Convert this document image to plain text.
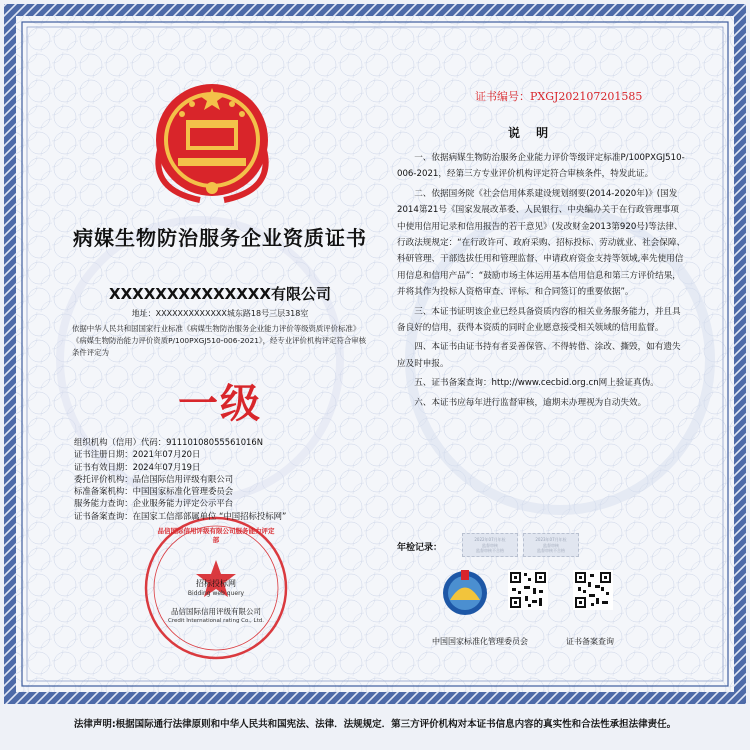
病媒生物防治服务企业资质证书
XXXXXXXXXXXXXX有限公司
地址：XXXXXXXXXXXXX城东路18号三层318室
依据中华人民共和国国家行业标准《病媒生物防治服务企业能力评价等级资质评价标准》《病媒生物防治能力评价资质P/100PXGJ510-006-2021》，经专业评价机构评定符合审核条件评定为
一级
组织机构（信用）代码：91110108055561016N
证书注册日期：2021年07月20日
证书有效日期：2024年07月19日
委托评价机构：品信国际信用评级有限公司
标准备案机构：中国国家标准化管理委员会
服务能力查询：企业服务能力评定公示平台
证书备案查询：在国家工信部部属单位 “中国招标投标网”
品信国际信用评级有限公司服务能力评定部
招标投标网
Bidding web query
品信国际信用评级有限公司
Credit International rating Co., Ltd.
证书编号：PXGJ202107201585
说 明

一、依据病媒生物防治服务企业能力评价等级评定标准P/100PXGJ510-006-2021，经第三方专业评价机构评定符合审核条件，特发此证。

二、依据国务院《社会信用体系建设规划纲要(2014-2020年)》(国发2014第21号《国家发展改革委、人民银行、中央编办关于在行政管理事项中使用信用记录和信用报告的若干意见》(发改财金2013第920号)等法律、行政法规规定：“在行政许可、政府采购、招标投标、劳动就业、社会保障、科研管理、干部选拔任用和管理监督、申请政府资金支持等领域,率先使用信用信息和信用产品”：“鼓励市场主体运用基本信用信息和第三方评价结果，并将其作为投标人资格审查、评标、和合同签订的重要依据”。

三、本证书证明该企业已经具备资质内容的相关业务服务能力，并且具备良好的信用，获得本资质的同时企业愿意接受相关领域的信用监督。

四、本证书由证书持有者妥善保管、不得转借、涂改、撕毁，如有遗失应及时申报。

五、证书备案查询：http://www.cecbid.org.cn网上验证真伪。

六、本证书应每年进行监督审核，逾期未办理视为自动失效。

年检记录：
2022年07月年检
监督审核
监督审核不合格
2023年07月年检
监督审核
监督审核不合格
中国国家标准化管理委员会	证书备案查询
法律声明:根据国际通行法律原则和中华人民共和国宪法、法律．法规规定．第三方评价机构对本证书信息内容的真实性和合法性承担法律责任。
